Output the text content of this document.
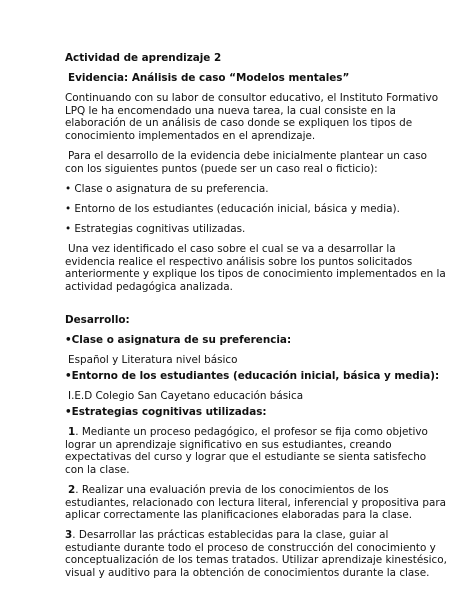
Actividad de aprendizaje 2
Evidencia: Análisis de caso “Modelos mentales”
Continuando con su labor de consultor educativo, el Instituto Formativo
LPQ le ha encomendado una nueva tarea, la cual consiste en la
elaboración de un análisis de caso donde se expliquen los tipos de
conocimiento implementados en el aprendizaje.
Para el desarrollo de la evidencia debe inicialmente plantear un caso
con los siguientes puntos (puede ser un caso real o ficticio):
• Clase o asignatura de su preferencia.
• Entorno de los estudiantes (educación inicial, básica y media).
• Estrategias cognitivas utilizadas.
Una vez identificado el caso sobre el cual se va a desarrollar la
evidencia realice el respectivo análisis sobre los puntos solicitados
anteriormente y explique los tipos de conocimiento implementados en la
actividad pedagógica analizada.
Desarrollo:
•Clase o asignatura de su preferencia:
Español y Literatura nivel básico
•Entorno de los estudiantes (educación inicial, básica y media):
I.E.D Colegio San Cayetano educación básica
•Estrategias cognitivas utilizadas:
1. Mediante un proceso pedagógico, el profesor se fija como objetivo
lograr un aprendizaje significativo en sus estudiantes, creando
expectativas del curso y lograr que el estudiante se sienta satisfecho
con la clase.
2. Realizar una evaluación previa de los conocimientos de los
estudiantes, relacionado con lectura literal, inferencial y propositiva para
aplicar correctamente las planificaciones elaboradas para la clase.
3. Desarrollar las prácticas establecidas para la clase, guiar al
estudiante durante todo el proceso de construcción del conocimiento y
conceptualización de los temas tratados. Utilizar aprendizaje kinestésico,
visual y auditivo para la obtención de conocimientos durante la clase.
